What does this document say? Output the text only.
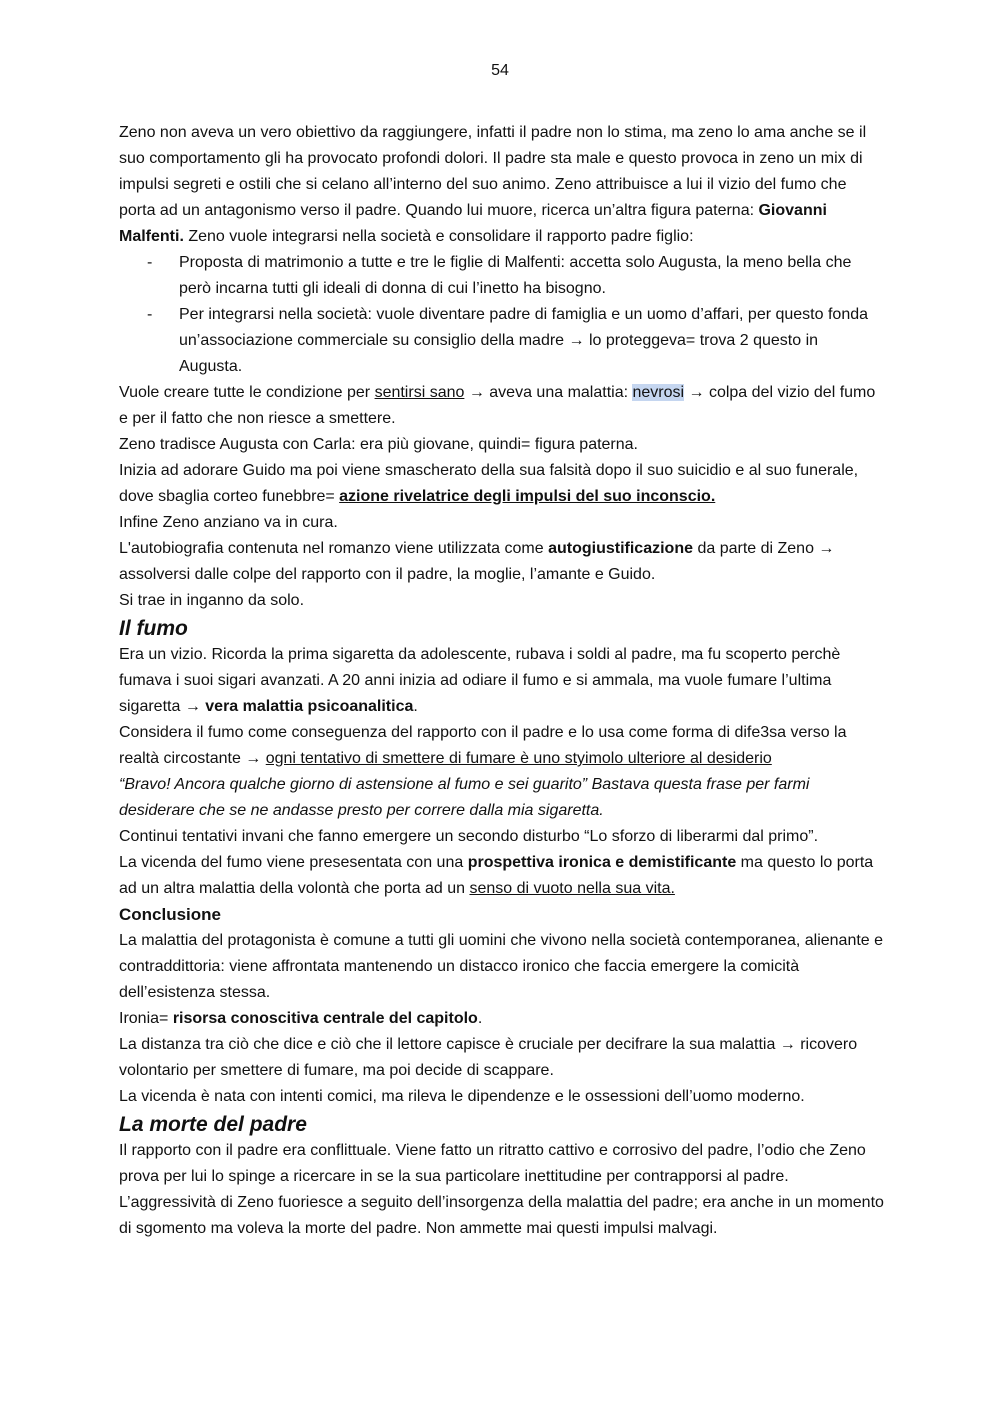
54

Zeno non aveva un vero obiettivo da raggiungere, infatti il padre non lo stima, ma zeno lo ama anche se il suo comportamento gli ha provocato profondi dolori. Il padre sta male e questo provoca in zeno un mix di impulsi segreti e ostili che si celano all’interno del suo animo. Zeno attribuisce a lui il vizio del fumo che porta ad un antagonismo verso il padre. Quando lui muore, ricerca un’altra figura paterna: Giovanni Malfenti. Zeno vuole integrarsi nella società e consolidare il rapporto padre figlio:

- Proposta di matrimonio a tutte e tre le figlie di Malfenti: accetta solo Augusta, la meno bella che però incarna tutti gli ideali di donna di cui l’inetto ha bisogno.
- Per integrarsi nella società: vuole diventare padre di famiglia e un uomo d’affari, per questo fonda un’associazione commerciale su consiglio della madre → lo proteggeva= trova 2 questo in Augusta.

Vuole creare tutte le condizione per sentirsi sano → aveva una malattia: nevrosi → colpa del vizio del fumo e per il fatto che non riesce a smettere.

Zeno tradisce Augusta con Carla: era più giovane, quindi= figura paterna.

Inizia ad adorare Guido ma poi viene smascherato della sua falsità dopo il suo suicidio e al suo funerale, dove sbaglia corteo funebbre= azione rivelatrice degli impulsi del suo inconscio.

Infine Zeno anziano va in cura.

L'autobiografia contenuta nel romanzo viene utilizzata come autogiustificazione da parte di Zeno → assolversi dalle colpe del rapporto con il padre, la moglie, l’amante e Guido.

Si trae in inganno da solo.

Il fumo

Era un vizio. Ricorda la prima sigaretta da adolescente, rubava i soldi al padre, ma fu scoperto perchè fumava i suoi sigari avanzati. A 20 anni inizia ad odiare il fumo e si ammala, ma vuole fumare l’ultima sigaretta → vera malattia psicoanalitica.

Considera il fumo come conseguenza del rapporto con il padre e lo usa come forma di dife3sa verso la realtà circostante → ogni tentativo di smettere di fumare è uno styimolo ulteriore al desiderio

“Bravo! Ancora qualche giorno di astensione al fumo e sei guarito” Bastava questa frase per farmi desiderare che se ne andasse presto per correre dalla mia sigaretta.

Continui tentativi invani che fanno emergere un secondo disturbo “Lo sforzo di liberarmi dal primo”.

La vicenda del fumo viene presesentata con una prospettiva ironica e demistificante ma questo lo porta ad un altra malattia della volontà che porta ad un senso di vuoto nella sua vita.

Conclusione

La malattia del protagonista è comune a tutti gli uomini che vivono nella società contemporanea, alienante e contraddittoria: viene affrontata mantenendo un distacco ironico che faccia emergere la comicità dell’esistenza stessa.

Ironia= risorsa conoscitiva centrale del capitolo.

La distanza tra ciò che dice e ciò che il lettore capisce è cruciale per decifrare la sua malattia → ricovero volontario per smettere di fumare, ma poi decide di scappare.

La vicenda è nata con intenti comici, ma rileva le dipendenze e le ossessioni dell’uomo moderno.

La morte del padre

Il rapporto con il padre era conflittuale. Viene fatto un ritratto cattivo e corrosivo del padre, l’odio che Zeno prova per lui lo spinge a ricercare in se la sua particolare inettitudine per contrapporsi al padre. L’aggressività di Zeno fuoriesce a seguito dell’insorgenza della malattia del padre; era anche in un momento di sgomento ma voleva la morte del padre. Non ammette mai questi impulsi malvagi.
